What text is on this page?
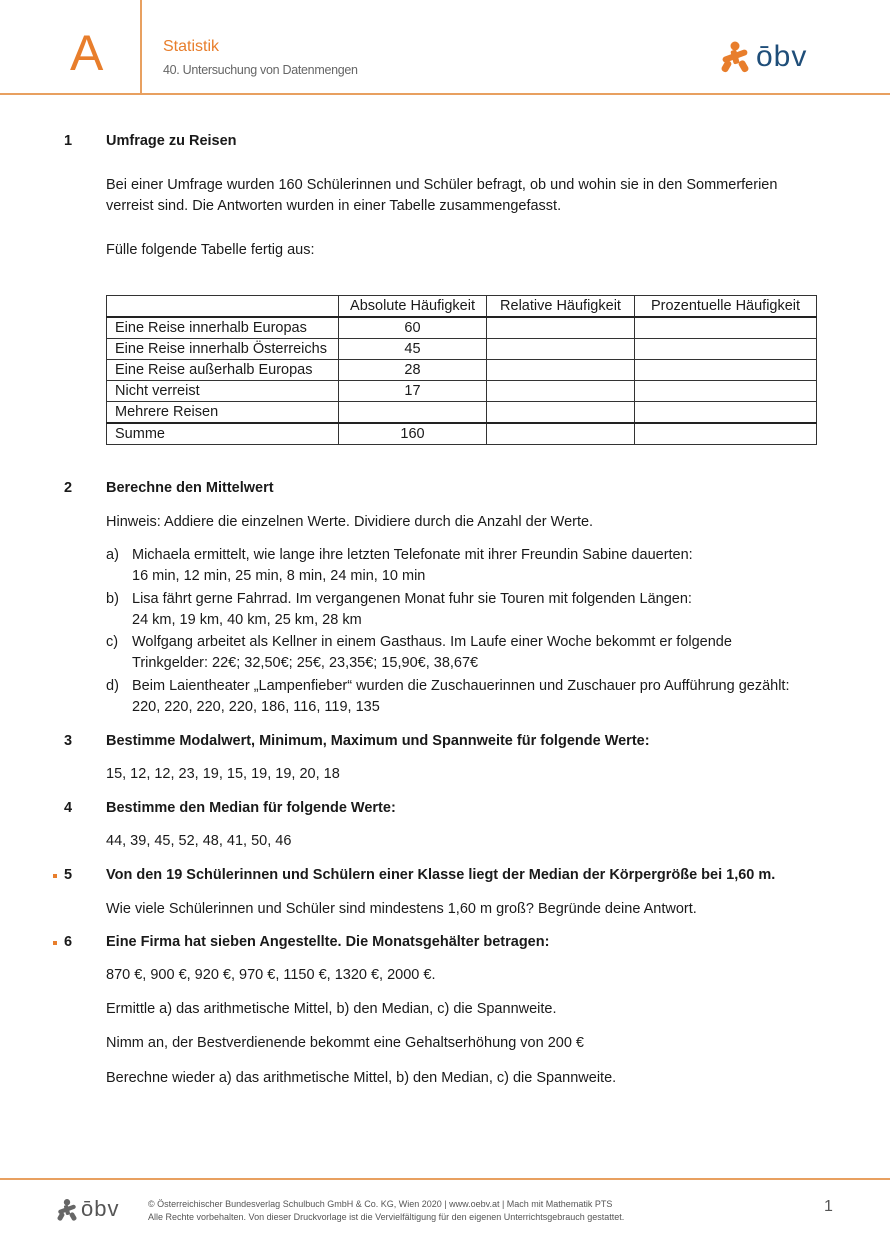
A	Statistik
40. Untersuchung von Datenmengen	ōbv
1 Umfrage zu Reisen
Bei einer Umfrage wurden 160 Schülerinnen und Schüler befragt, ob und wohin sie in den Sommerferien
verreist sind. Die Antworten wurden in einer Tabelle zusammengefasst.
Fülle folgende Tabelle fertig aus:
	Absolute Häufigkeit	Relative Häufigkeit	Prozentuelle Häufigkeit
Eine Reise innerhalb Europas	60		
Eine Reise innerhalb Österreichs	45		
Eine Reise außerhalb Europas	28		
Nicht verreist	17		
Mehrere Reisen			
Summe	160		
2 Berechne den Mittelwert
Hinweis: Addiere die einzelnen Werte. Dividiere durch die Anzahl der Werte.
a) Michaela ermittelt, wie lange ihre letzten Telefonate mit ihrer Freundin Sabine dauerten:
16 min, 12 min, 25 min, 8 min, 24 min, 10 min
b) Lisa fährt gerne Fahrrad. Im vergangenen Monat fuhr sie Touren mit folgenden Längen:
24 km, 19 km, 40 km, 25 km, 28 km
c) Wolfgang arbeitet als Kellner in einem Gasthaus. Im Laufe einer Woche bekommt er folgende
Trinkgelder: 22€; 32,50€; 25€, 23,35€; 15,90€, 38,67€
d) Beim Laientheater „Lampenfieber“ wurden die Zuschauerinnen und Zuschauer pro Aufführung gezählt:
220, 220, 220, 220, 186, 116, 119, 135
3 Bestimme Modalwert, Minimum, Maximum und Spannweite für folgende Werte:
15, 12, 12, 23, 19, 15, 19, 19, 20, 18
4 Bestimme den Median für folgende Werte:
44, 39, 45, 52, 48, 41, 50, 46
5 Von den 19 Schülerinnen und Schülern einer Klasse liegt der Median der Körpergröße bei 1,60 m.
Wie viele Schülerinnen und Schüler sind mindestens 1,60 m groß? Begründe deine Antwort.
6 Eine Firma hat sieben Angestellte. Die Monatsgehälter betragen:
870 €, 900 €, 920 €, 970 €, 1150 €, 1320 €, 2000 €.
Ermittle a) das arithmetische Mittel, b) den Median, c) die Spannweite.
Nimm an, der Bestverdienende bekommt eine Gehaltserhöhung von 200 €
Berechne wieder a) das arithmetische Mittel, b) den Median, c) die Spannweite.
ōbv	© Österreichischer Bundesverlag Schulbuch GmbH & Co. KG, Wien 2020 | www.oebv.at | Mach mit Mathematik PTS
Alle Rechte vorbehalten. Von dieser Druckvorlage ist die Vervielfältigung für den eigenen Unterrichtsgebrauch gestattet.
1
